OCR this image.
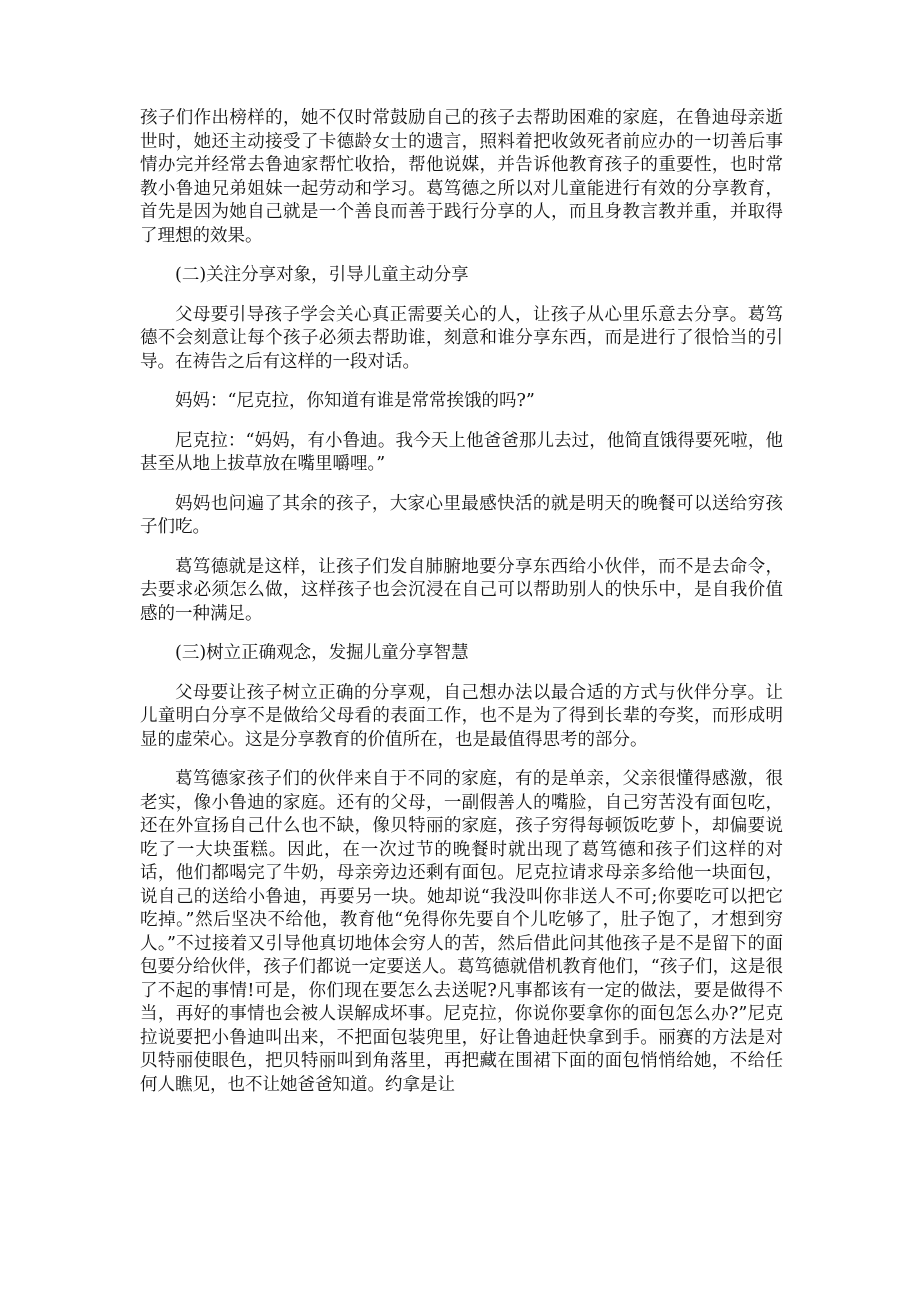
孩子们作出榜样的，她不仅时常鼓励自己的孩子去帮助困难的家庭，在鲁迪母亲逝世时，她还主动接受了卡德龄女士的遗言，照料着把收敛死者前应办的一切善后事情办完并经常去鲁迪家帮忙收拾，帮他说媒，并告诉他教育孩子的重要性，也时常教小鲁迪兄弟姐妹一起劳动和学习。葛笃德之所以对儿童能进行有效的分享教育，首先是因为她自己就是一个善良而善于践行分享的人，而且身教言教并重，并取得了理想的效果。

(二)关注分享对象，引导儿童主动分享

父母要引导孩子学会关心真正需要关心的人，让孩子从心里乐意去分享。葛笃德不会刻意让每个孩子必须去帮助谁，刻意和谁分享东西，而是进行了很恰当的引导。在祷告之后有这样的一段对话。

妈妈：“尼克拉，你知道有谁是常常挨饿的吗?”

尼克拉：“妈妈，有小鲁迪。我今天上他爸爸那儿去过，他简直饿得要死啦，他甚至从地上拔草放在嘴里嚼哩。”

妈妈也问遍了其余的孩子，大家心里最感快活的就是明天的晚餐可以送给穷孩子们吃。

葛笃德就是这样，让孩子们发自肺腑地要分享东西给小伙伴，而不是去命令，去要求必须怎么做，这样孩子也会沉浸在自己可以帮助别人的快乐中，是自我价值感的一种满足。

(三)树立正确观念，发掘儿童分享智慧

父母要让孩子树立正确的分享观，自己想办法以最合适的方式与伙伴分享。让儿童明白分享不是做给父母看的表面工作，也不是为了得到长辈的夸奖，而形成明显的虚荣心。这是分享教育的价值所在，也是最值得思考的部分。

葛笃德家孩子们的伙伴来自于不同的家庭，有的是单亲，父亲很懂得感激，很老实，像小鲁迪的家庭。还有的父母，一副假善人的嘴脸，自己穷苦没有面包吃，还在外宣扬自己什么也不缺，像贝特丽的家庭，孩子穷得每顿饭吃萝卜，却偏要说吃了一大块蛋糕。因此，在一次过节的晚餐时就出现了葛笃德和孩子们这样的对话，他们都喝完了牛奶，母亲旁边还剩有面包。尼克拉请求母亲多给他一块面包，说自己的送给小鲁迪，再要另一块。她却说“我没叫你非送人不可;你要吃可以把它吃掉。”然后坚决不给他，教育他“免得你先要自个儿吃够了，肚子饱了，才想到穷人。”不过接着又引导他真切地体会穷人的苦，然后借此问其他孩子是不是留下的面包要分给伙伴，孩子们都说一定要送人。葛笃德就借机教育他们，“孩子们，这是很了不起的事情!可是，你们现在要怎么去送呢?凡事都该有一定的做法，要是做得不当，再好的事情也会被人误解成坏事。尼克拉，你说你要拿你的面包怎么办?”尼克拉说要把小鲁迪叫出来，不把面包装兜里，好让鲁迪赶快拿到手。丽赛的方法是对贝特丽使眼色，把贝特丽叫到角落里，再把藏在围裙下面的面包悄悄给她，不给任何人瞧见，也不让她爸爸知道。约拿是让
